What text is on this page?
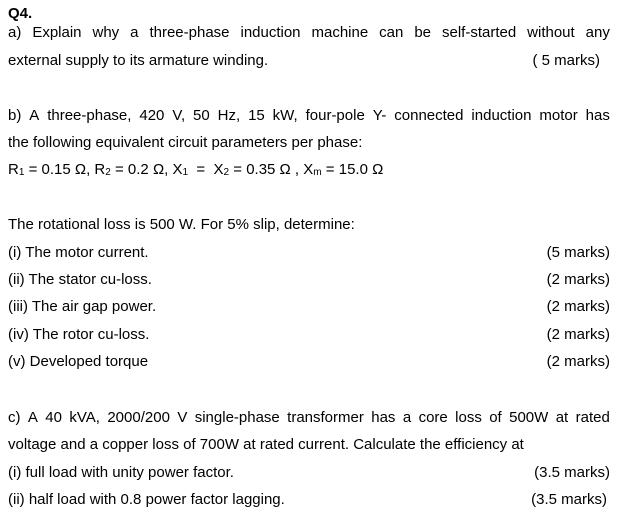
Q4.
a) Explain why a three-phase induction machine can be self-started without any
external supply to its armature winding.	( 5 marks)
b) A three-phase, 420 V, 50 Hz, 15 kW, four-pole Y- connected induction motor has
the following equivalent circuit parameters per phase:
R1 = 0.15 Ω, R2 = 0.2 Ω, X1  =  X2 = 0.35 Ω , Xm = 15.0 Ω
The rotational loss is 500 W. For 5% slip, determine:
(i) The motor current.	(5 marks)
(ii) The stator cu-loss.	(2 marks)
(iii) The air gap power.	(2 marks)
(iv) The rotor cu-loss.	(2 marks)
(v) Developed torque	(2 marks)
c) A 40 kVA, 2000/200 V single-phase transformer has a core loss of 500W at rated
voltage and a copper loss of 700W at rated current. Calculate the efficiency at
(i) full load with unity power factor.	(3.5 marks)
(ii) half load with 0.8 power factor lagging.	(3.5 marks)
